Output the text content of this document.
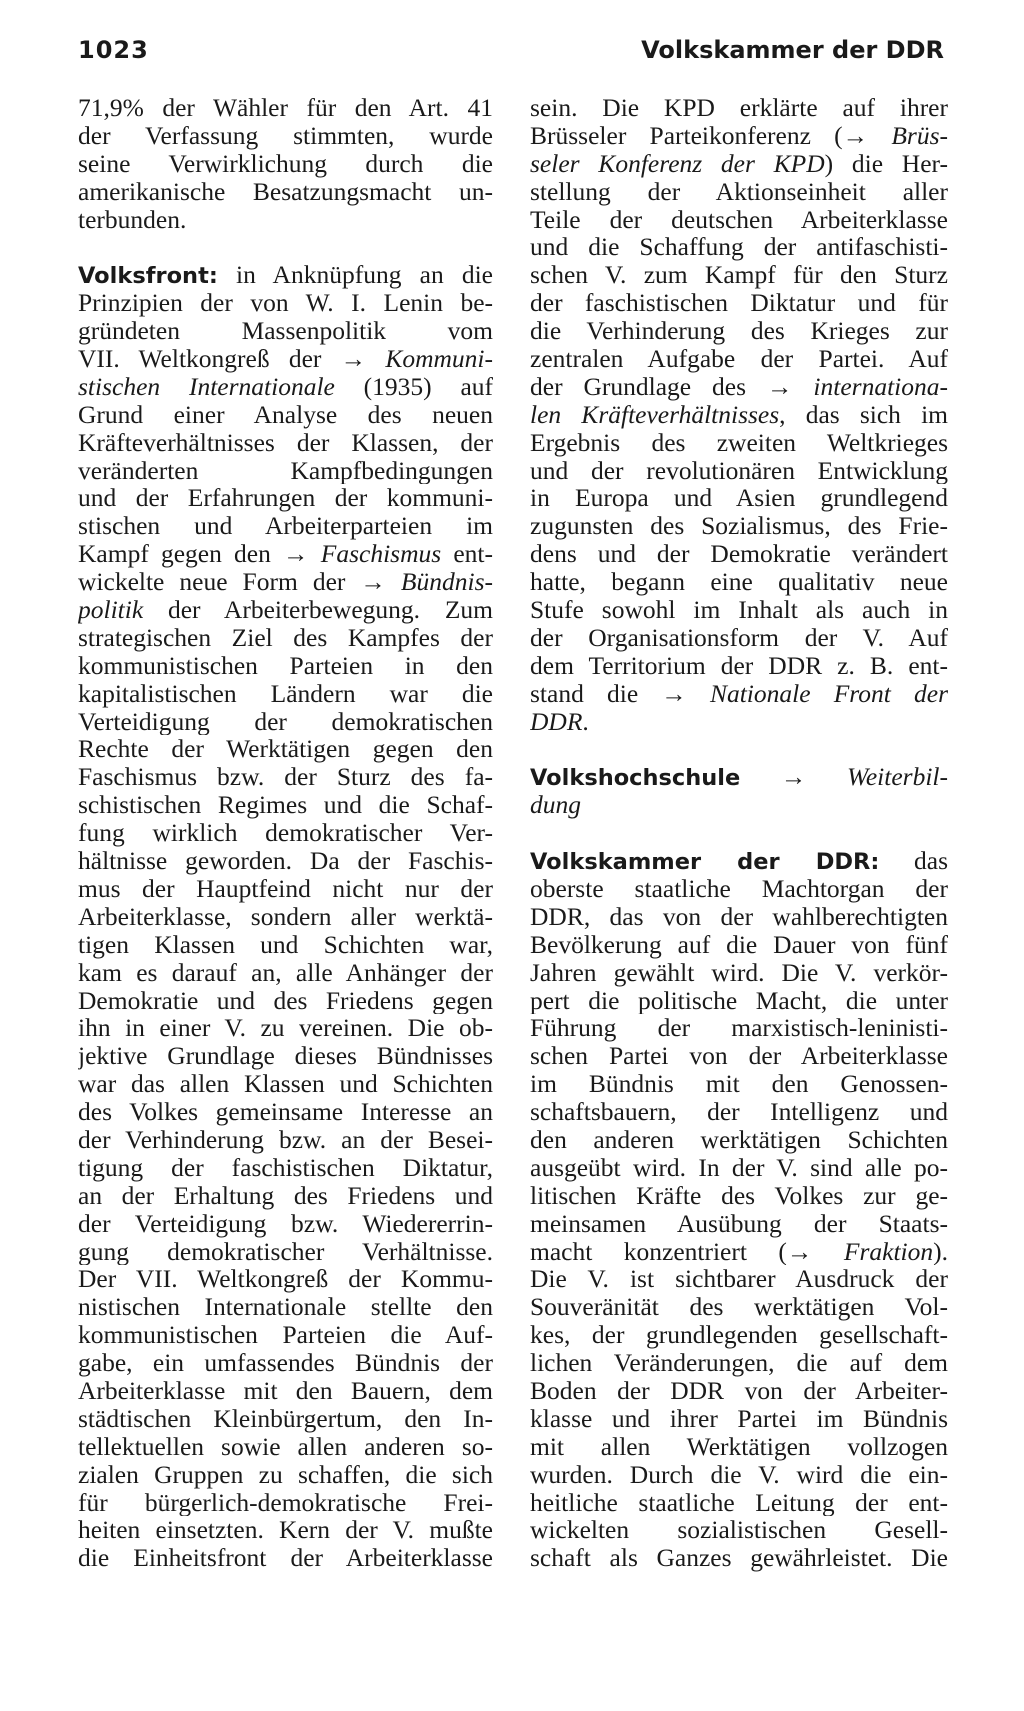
1023	Volkskammer der DDR
71,9% der Wähler für den Art. 41
der Verfassung stimmten, wurde
seine Verwirklichung durch die
amerikanische Besatzungsmacht un-
terbunden.
Volksfront: in Anknüpfung an die
Prinzipien der von W. I. Lenin be-
gründeten Massenpolitik vom
VII. Weltkongreß der → Kommuni-
stischen Internationale (1935) auf
Grund einer Analyse des neuen
Kräfteverhältnisses der Klassen, der
veränderten Kampfbedingungen
und der Erfahrungen der kommuni-
stischen und Arbeiterparteien im
Kampf gegen den → Faschismus ent-
wickelte neue Form der → Bündnis-
politik der Arbeiterbewegung. Zum
strategischen Ziel des Kampfes der
kommunistischen Parteien in den
kapitalistischen Ländern war die
Verteidigung der demokratischen
Rechte der Werktätigen gegen den
Faschismus bzw. der Sturz des fa-
schistischen Regimes und die Schaf-
fung wirklich demokratischer Ver-
hältnisse geworden. Da der Faschis-
mus der Hauptfeind nicht nur der
Arbeiterklasse, sondern aller werktä-
tigen Klassen und Schichten war,
kam es darauf an, alle Anhänger der
Demokratie und des Friedens gegen
ihn in einer V. zu vereinen. Die ob-
jektive Grundlage dieses Bündnisses
war das allen Klassen und Schichten
des Volkes gemeinsame Interesse an
der Verhinderung bzw. an der Besei-
tigung der faschistischen Diktatur,
an der Erhaltung des Friedens und
der Verteidigung bzw. Wiedererrin-
gung demokratischer Verhältnisse.
Der VII. Weltkongreß der Kommu-
nistischen Internationale stellte den
kommunistischen Parteien die Auf-
gabe, ein umfassendes Bündnis der
Arbeiterklasse mit den Bauern, dem
städtischen Kleinbürgertum, den In-
tellektuellen sowie allen anderen so-
zialen Gruppen zu schaffen, die sich
für bürgerlich-demokratische Frei-
heiten einsetzten. Kern der V. mußte
die Einheitsfront der Arbeiterklasse
sein. Die KPD erklärte auf ihrer
Brüsseler Parteikonferenz (→ Brüs-
seler Konferenz der KPD) die Her-
stellung der Aktionseinheit aller
Teile der deutschen Arbeiterklasse
und die Schaffung der antifaschisti-
schen V. zum Kampf für den Sturz
der faschistischen Diktatur und für
die Verhinderung des Krieges zur
zentralen Aufgabe der Partei. Auf
der Grundlage des → internationa-
len Kräfteverhältnisses, das sich im
Ergebnis des zweiten Weltkrieges
und der revolutionären Entwicklung
in Europa und Asien grundlegend
zugunsten des Sozialismus, des Frie-
dens und der Demokratie verändert
hatte, begann eine qualitativ neue
Stufe sowohl im Inhalt als auch in
der Organisationsform der V. Auf
dem Territorium der DDR z. B. ent-
stand die → Nationale Front der
DDR.
Volkshochschule → Weiterbil-
dung
Volkskammer der DDR: das
oberste staatliche Machtorgan der
DDR, das von der wahlberechtigten
Bevölkerung auf die Dauer von fünf
Jahren gewählt wird. Die V. verkör-
pert die politische Macht, die unter
Führung der marxistisch-leninisti-
schen Partei von der Arbeiterklasse
im Bündnis mit den Genossen-
schaftsbauern, der Intelligenz und
den anderen werktätigen Schichten
ausgeübt wird. In der V. sind alle po-
litischen Kräfte des Volkes zur ge-
meinsamen Ausübung der Staats-
macht konzentriert (→ Fraktion).
Die V. ist sichtbarer Ausdruck der
Souveränität des werktätigen Vol-
kes, der grundlegenden gesellschaft-
lichen Veränderungen, die auf dem
Boden der DDR von der Arbeiter-
klasse und ihrer Partei im Bündnis
mit allen Werktätigen vollzogen
wurden. Durch die V. wird die ein-
heitliche staatliche Leitung der ent-
wickelten sozialistischen Gesell-
schaft als Ganzes gewährleistet. Die
